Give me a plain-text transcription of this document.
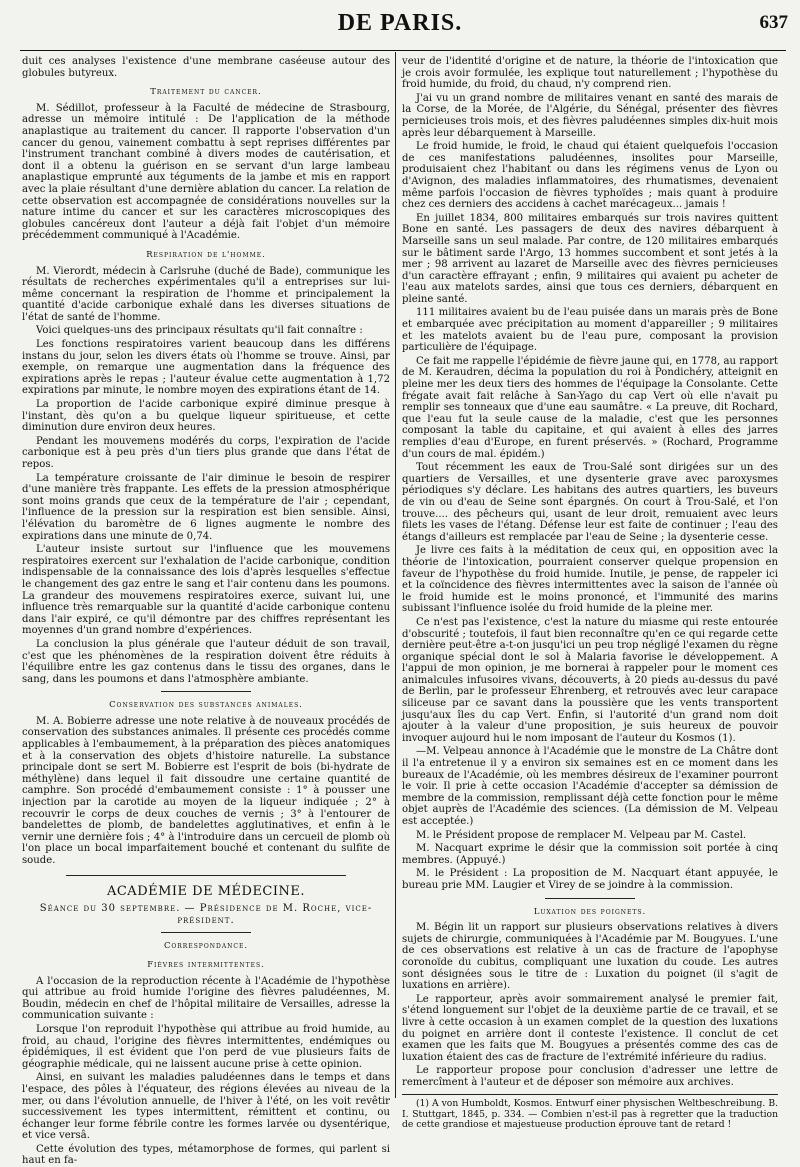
DE PARIS.	637

duit ces analyses l'existence d'une membrane caséeuse autour des globules butyreux.

Traitement du cancer.

M. Sédillot, professeur à la Faculté de médecine de Strasbourg, adresse un mémoire intitulé : De l'application de la méthode anaplastique au traitement du cancer. Il rapporte l'observation d'un cancer du genou, vainement combattu à sept reprises différentes par l'instrument tranchant combiné à divers modes de cautérisation, et dont il a obtenu la guérison en se servant d'un large lambeau anaplastique emprunté aux téguments de la jambe et mis en rapport avec la plaie résultant d'une dernière ablation du cancer. La relation de cette observation est accompagnée de considérations nouvelles sur la nature intime du cancer et sur les caractères microscopiques des globules cancéreux dont l'auteur a déjà fait l'objet d'un mémoire précédemment communiqué à l'Académie.

Respiration de l'homme.

M. Vierordt, médecin à Carlsruhe (duché de Bade), communique les résultats de recherches expérimentales qu'il a entreprises sur lui-même concernant la respiration de l'homme et principalement la quantité d'acide carbonique exhalé dans les diverses situations de l'état de santé de l'homme.

Voici quelques-uns des principaux résultats qu'il fait connaître :

Les fonctions respiratoires varient beaucoup dans les différens instans du jour, selon les divers états où l'homme se trouve. Ainsi, par exemple, on remarque une augmentation dans la fréquence des expirations après le repas ; l'auteur évalue cette augmentation à 1,72 expirations par minute, le nombre moyen des expirations étant de 14.

La proportion de l'acide carbonique expiré diminue presque à l'instant, dès qu'on a bu quelque liqueur spiritueuse, et cette diminution dure environ deux heures.

Pendant les mouvemens modérés du corps, l'expiration de l'acide carbonique est à peu près d'un tiers plus grande que dans l'état de repos.

La température croissante de l'air diminue le besoin de respirer d'une manière très frappante. Les effets de la pression atmosphérique sont moins grands que ceux de la température de l'air ; cependant, l'influence de la pression sur la respiration est bien sensible. Ainsi, l'élévation du baromètre de 6 lignes augmente le nombre des expirations dans une minute de 0,74.

L'auteur insiste surtout sur l'influence que les mouvemens respiratoires exercent sur l'exhalation de l'acide carbonique, condition indispensable de la connaissance des lois d'après lesquelles s'effectue le changement des gaz entre le sang et l'air contenu dans les poumons. La grandeur des mouvemens respiratoires exerce, suivant lui, une influence très remarquable sur la quantité d'acide carbonique contenu dans l'air expiré, ce qu'il démontre par des chiffres représentant les moyennes d'un grand nombre d'expériences.

La conclusion la plus générale que l'auteur déduit de son travail, c'est que les phénomènes de la respiration doivent être réduits à l'équilibre entre les gaz contenus dans le tissu des organes, dans le sang, dans les poumons et dans l'atmosphère ambiante.

Conservation des substances animales.

M. A. Bobierre adresse une note relative à de nouveaux procédés de conservation des substances animales. Il présente ces procédés comme applicables à l'embaumement, à la préparation des pièces anatomiques et à la conservation des objets d'histoire naturelle. La substance principale dont se sert M. Bobierre est l'esprit de bois (bi-hydrate de méthylène) dans lequel il fait dissoudre une certaine quantité de camphre. Son procédé d'embaumement consiste : 1° à pousser une injection par la carotide au moyen de la liqueur indiquée ; 2° à recouvrir le corps de deux couches de vernis ; 3° à l'entourer de bandelettes de plomb, de bandelettes agglutinatives, et enfin à le vernir une dernière fois ; 4° à l'introduire dans un cercueil de plomb où l'on place un bocal imparfaitement bouché et contenant du sulfite de soude.

ACADÉMIE DE MÉDECINE.

Séance du 30 septembre. — Présidence de M. Roche, vice-président.

Correspondance.

Fièvres intermittentes.

A l'occasion de la reproduction récente à l'Académie de l'hypothèse qui attribue au froid humide l'origine des fièvres paludéennes, M. Boudin, médecin en chef de l'hôpital militaire de Versailles, adresse la communication suivante :

Lorsque l'on reproduit l'hypothèse qui attribue au froid humide, au froid, au chaud, l'origine des fièvres intermittentes, endémiques ou épidémiques, il est évident que l'on perd de vue plusieurs faits de géographie médicale, qui ne laissent aucune prise à cette opinion.

Ainsi, en suivant les maladies paludéennes dans le temps et dans l'espace, des pôles à l'équateur, des régions élevées au niveau de la mer, ou dans l'évolution annuelle, de l'hiver à l'été, on les voit revêtir successivement les types intermittent, rémittent et continu, ou échanger leur forme fébrile contre les formes larvée ou dysentérique, et vice versâ.

Cette évolution des types, métamorphose de formes, qui parlent si haut en fa-

veur de l'identité d'origine et de nature, la théorie de l'intoxication que je crois avoir formulée, les explique tout naturellement ; l'hypothèse du froid humide, du froid, du chaud, n'y comprend rien.

J'ai vu un grand nombre de militaires venant en santé des marais de la Corse, de la Morée, de l'Algérie, du Sénégal, présenter des fièvres pernicieuses trois mois, et des fièvres paludéennes simples dix-huit mois après leur débarquement à Marseille.

Le froid humide, le froid, le chaud qui étaient quelquefois l'occasion de ces manifestations paludéennes, insolites pour Marseille, produisaient chez l'habitant ou dans les régimens venus de Lyon ou d'Avignon, des maladies inflammatoires, des rhumatismes, devenaient même parfois l'occasion de fièvres typhoïdes ; mais quant à produire chez ces derniers des accidens à cachet marécageux... jamais !

En juillet 1834, 800 militaires embarqués sur trois navires quittent Bone en santé. Les passagers de deux des navires débarquent à Marseille sans un seul malade. Par contre, de 120 militaires embarqués sur le bâtiment sarde l'Argo, 13 hommes succombent et sont jetés à la mer ; 98 arrivent au lazaret de Marseille avec des fièvres pernicieuses d'un caractère effrayant ; enfin, 9 militaires qui avaient pu acheter de l'eau aux matelots sardes, ainsi que tous ces derniers, débarquent en pleine santé.

111 militaires avaient bu de l'eau puisée dans un marais près de Bone et embarquée avec précipitation au moment d'appareiller ; 9 militaires et les matelots avaient bu de l'eau pure, composant la provision particulière de l'équipage.

Ce fait me rappelle l'épidémie de fièvre jaune qui, en 1778, au rapport de M. Keraudren, décima la population du roi à Pondichéry, atteignit en pleine mer les deux tiers des hommes de l'équipage la Consolante. Cette frégate avait fait relâche à San-Yago du cap Vert où elle n'avait pu remplir ses tonneaux que d'une eau saumâtre. « La preuve, dit Rochard, que l'eau fut la seule cause de la maladie, c'est que les personnes composant la table du capitaine, et qui avaient à elles des jarres remplies d'eau d'Europe, en furent préservés. » (Rochard, Programme d'un cours de mal. épidém.)

Tout récemment les eaux de Trou-Salé sont dirigées sur un des quartiers de Versailles, et une dysenterie grave avec paroxysmes périodiques s'y déclare. Les habitans des autres quartiers, les buveurs de vin ou d'eau de Seine sont épargnés. On court à Trou-Salé, et l'on trouve.... des pêcheurs qui, usant de leur droit, remuaient avec leurs filets les vases de l'étang. Défense leur est faite de continuer ; l'eau des étangs d'ailleurs est remplacée par l'eau de Seine ; la dysenterie cesse.

Je livre ces faits à la méditation de ceux qui, en opposition avec la théorie de l'intoxication, pourraient conserver quelque propension en faveur de l'hypothèse du froid humide. Inutile, je pense, de rappeler ici et la coïncidence des fièvres intermittentes avec la saison de l'année où le froid humide est le moins prononcé, et l'immunité des marins subissant l'influence isolée du froid humide de la pleine mer.

Ce n'est pas l'existence, c'est la nature du miasme qui reste entourée d'obscurité ; toutefois, il faut bien reconnaître qu'en ce qui regarde cette dernière peut-être a-t-on jusqu'ici un peu trop négligé l'examen du règne organique spécial dont le sol à Malaria favorise le développement. A l'appui de mon opinion, je me bornerai à rappeler pour le moment ces animalcules infusoires vivans, découverts, à 20 pieds au-dessus du pavé de Berlin, par le professeur Ehrenberg, et retrouvés avec leur carapace siliceuse par ce savant dans la poussière que les vents transportent jusqu'aux îles du cap Vert. Enfin, si l'autorité d'un grand nom doit ajouter à la valeur d'une proposition, je suis heureux de pouvoir invoquer aujourd hui le nom imposant de l'auteur du Kosmos (1).

—M. Velpeau annonce à l'Académie que le monstre de La Châtre dont il l'a entretenue il y a environ six semaines est en ce moment dans les bureaux de l'Académie, où les membres désireux de l'examiner pourront le voir. Il prie à cette occasion l'Académie d'accepter sa démission de membre de la commission, remplissant déjà cette fonction pour le même objet auprès de l'Académie des sciences. (La démission de M. Velpeau est acceptée.)

M. le Président propose de remplacer M. Velpeau par M. Castel.

M. Nacquart exprime le désir que la commission soit portée à cinq membres. (Appuyé.)

M. le Président : La proposition de M. Nacquart étant appuyée, le bureau prie MM. Laugier et Virey de se joindre à la commission.

Luxation des poignets.

M. Bégin lit un rapport sur plusieurs observations relatives à divers sujets de chirurgie, communiquées à l'Académie par M. Bougyues. L'une de ces observations est relative à un cas de fracture de l'apophyse coronoïde du cubitus, compliquant une luxation du coude. Les autres sont désignées sous le titre de : Luxation du poignet (il s'agit de luxations en arrière).

Le rapporteur, après avoir sommairement analysé le premier fait, s'étend longuement sur l'objet de la deuxième partie de ce travail, et se livre à cette occasion à un examen complet de la question des luxations du poignet en arrière dont il conteste l'existence. Il conclut de cet examen que les faits que M. Bougyues a présentés comme des cas de luxation étaient des cas de fracture de l'extrémité inférieure du radius.

Le rapporteur propose pour conclusion d'adresser une lettre de remercîment à l'auteur et de déposer son mémoire aux archives.

(1) A von Humboldt, Kosmos. Entwurf einer physischen Weltbeschreibung. B. I. Stuttgart, 1845, p. 334. — Combien n'est-il pas à regretter que la traduction de cette grandiose et majestueuse production éprouve tant de retard !
